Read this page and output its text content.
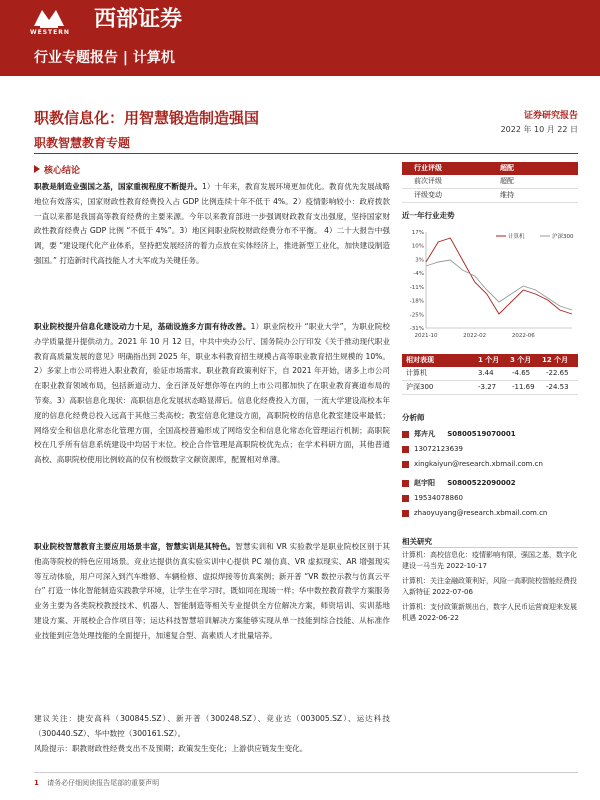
WESTERN
西部证券
行业专题报告 | 计算机
职教信息化：用智慧锻造制造强国
职教智慧教育专题
证券研究报告
2022 年 10 月 22 日
核心结论
职教是制造业强国之基，国家重视程度不断提升。1）十年来，教育发展环境更加优化。教育优先发展战略地位有效落实，国家财政性教育经费投入占 GDP 比例连续十年不低于 4%。2）疫情影响较小：政府拨款一直以来都是我国高等教育经费的主要来源。今年以来教育部进一步强调财政教育支出强度，坚持国家财政性教育经费占 GDP 比例 “不低于 4%”。3）地区间职业院校财政经费分布不平衡。 4）二十大报告中强调，要 “建设现代化产业体系，坚持把发展经济的着力点放在实体经济上，推进新型工业化，加快建设制造强国。” 打造新时代高技能人才大军成为关键任务。
职业院校提升信息化建设动力十足，基础设施多方面有待改善。1）职业院校升 “职业大学”，为职业院校办学质量提升提供动力。2021 年 10 月 12 日，中共中央办公厅、国务院办公厅印发《关于推动现代职业教育高质量发展的意见》明确指出到 2025 年，职业本科教育招生规模占高等职业教育招生规模的 10%。2）多家上市公司将进入职业教育，验证市场需求。职业教育政策利好下，自 2021 年开始，诸多上市公司在职业教育领域布局，包括新道动力、金百泽及好想你等在内的上市公司都加快了在职业教育赛道布局的节奏。3）高职信息化现状：高职信息化发展状态略显滞后。信息化经费投入方面，一流大学建设高校本年度的信息化经费总投入远高于其他三类高校；教室信息化建设方面，高职院校的信息化教室建设率最低；网络安全和信息化常态化管理方面，全国高校普遍形成了网络安全和信息化常态化管理运行机制；高职院校在几乎所有信息系统建设中均居于末位。校企合作管理是高职院校优先点；在学术科研方面，其他普通高校、高职院校使用比例较高的仅有校级数字文献资源库，配置相对单薄。
职业院校智慧教育主要应用场景丰富，智慧实训是其特色。智慧实训和 VR 实验教学是职业院校区别于其他高等院校的特色应用场景。竞业达提供仿真实验实训中心提供 PC 端仿真、VR 虚拟现实、AR 增强现实等互动体验，用户可深入到汽车维修、车辆检修、虚拟焊接等仿真案例；新开普 “VR 数控示教与仿真云平台” 打造一体化智能制造实践教学环境，让学生在学习时，既如同在现场一样；华中数控教育教学方案服务业务主要为各类院校教授技术、机器人、智能制造等相关专业提供全方位解决方案，师资培训、实训基地建设方案、开展校企合作项目等；运达科技智慧培训解决方案能够实现从单一技能到综合技能、从标准作业技能到应急处理技能的全面提升，加速复合型、高素质人才批量培养。
建议关注：捷安高科（300845.SZ）、新开普（300248.SZ）、竞业达（003005.SZ）、运达科技（300440.SZ）、华中数控（300161.SZ）。
风险提示：职教财政性经费支出不及预期；政策发生变化；上游供应链发生变化。
行业评级	超配
前次评级	超配
评级变动	维持
近一年行业走势
17%
10%
3%
-4%
-11%
-18%
-25%
-31%
2021-10	2022-02	2022-06
计算机	沪深300
相对表现	1 个月 3 个月 12 个月
计算机	3.44	-4.65 -22.65
沪深300	-3.27 -11.69 -24.53
分析师
郑卉凡 S0800519070001
13072123639
xingkaiyun@research.xbmail.com.cn
赵宇阳 S0800522090002
19534078860
zhaoyuyang@research.xbmail.com.cn
相关研究
计算机：高校信息化：疫情影响有限，强国之基，数字化建设一马当先 2022-10-17
计算机：关注金融政策利好，风险一高职院校智能经费投入新特征 2022-07-06
计算机：支付政策新规出台，数字人民币运营商迎来发展机遇 2022-06-22
1 请务必仔细阅读报告尾部的重要声明
